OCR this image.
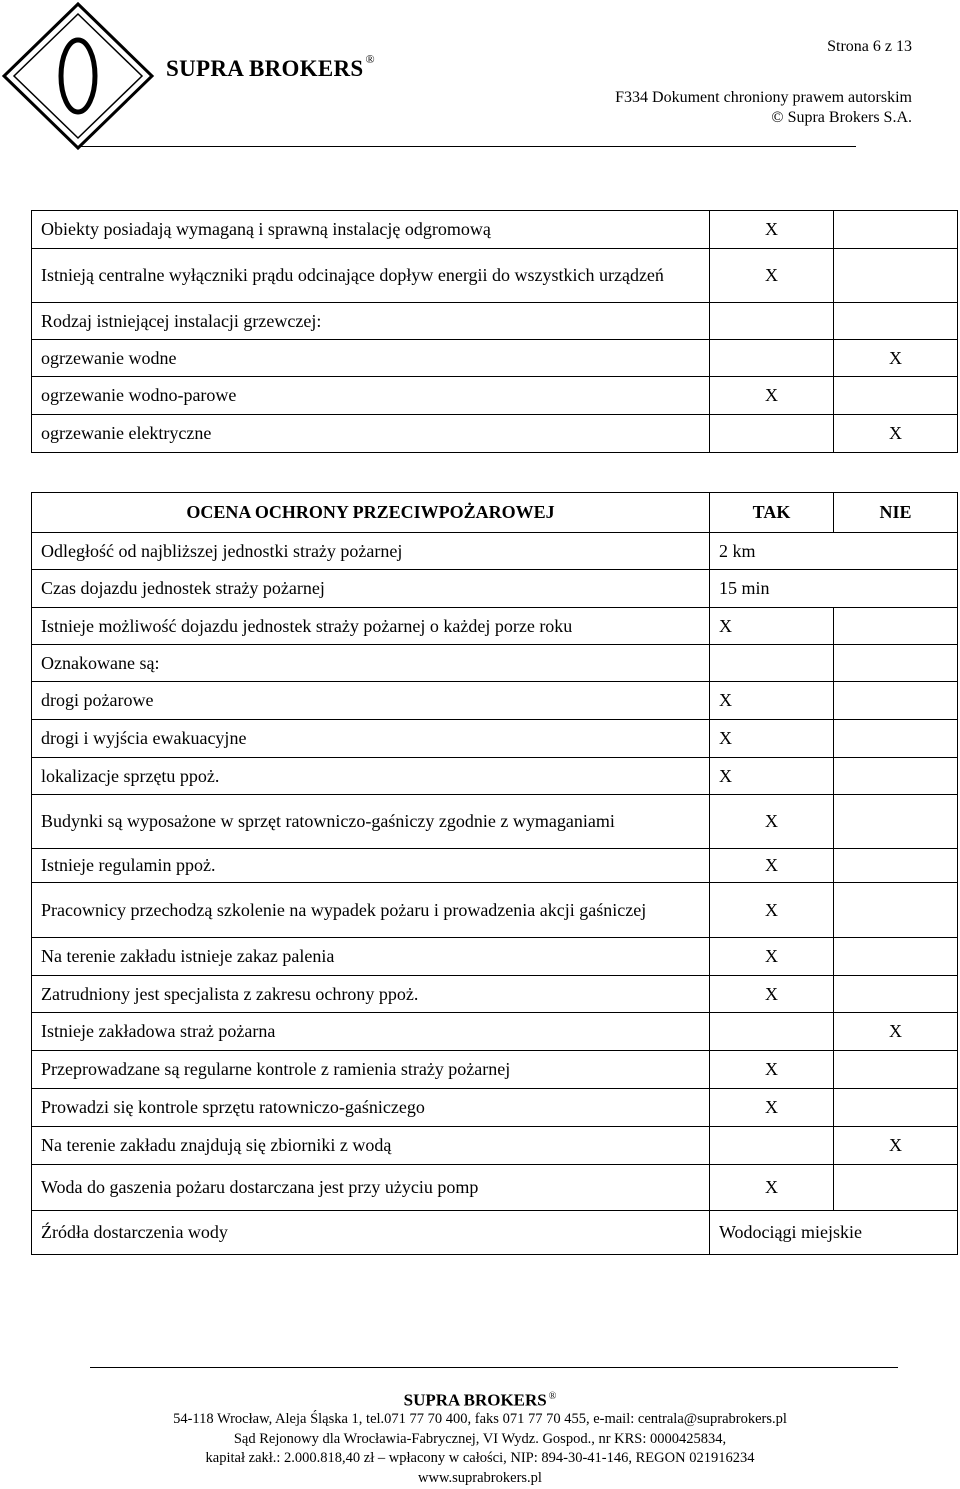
SUPRA BROKERS ®
Strona 6 z 13
F334 Dokument chroniony prawem autorskim
© Supra Brokers S.A.
Obiekty posiadają wymaganą i sprawną instalację odgromową	X	
Istnieją centralne wyłączniki prądu odcinające dopływ energii do wszystkich urządzeń	X	
Rodzaj istniejącej instalacji grzewczej:		
ogrzewanie wodne		X
ogrzewanie wodno-parowe	X	
ogrzewanie elektryczne		X
OCENA OCHRONY PRZECIWPOŻAROWEJ	TAK	NIE
Odległość od najbliższej jednostki straży pożarnej	2 km	
Czas dojazdu jednostek straży pożarnej	15 min	
Istnieje możliwość dojazdu jednostek straży pożarnej o każdej porze roku	X	
Oznakowane są:		
drogi pożarowe	X	
drogi i wyjścia ewakuacyjne	X	
lokalizacje sprzętu ppoż.	X	
Budynki są wyposażone w sprzęt ratowniczo-gaśniczy zgodnie z wymaganiami	X	
Istnieje regulamin ppoż.	X	
Pracownicy przechodzą szkolenie na wypadek pożaru i prowadzenia akcji gaśniczej	X	
Na terenie zakładu istnieje zakaz palenia	X	
Zatrudniony jest specjalista z zakresu ochrony ppoż.	X	
Istnieje zakładowa straż pożarna		X
Przeprowadzane są regularne kontrole z ramienia straży pożarnej	X	
Prowadzi się kontrole sprzętu ratowniczo-gaśniczego	X	
Na terenie zakładu znajdują się zbiorniki z wodą		X
Woda do gaszenia pożaru dostarczana jest przy użyciu pomp	X	
Źródła dostarczenia wody	Wodociągi miejskie	
SUPRA BROKERS ®
54-118 Wrocław, Aleja Śląska 1, tel.071 77 70 400, faks 071 77 70 455, e-mail: centrala@suprabrokers.pl
Sąd Rejonowy dla Wrocławia-Fabrycznej, VI Wydz. Gospod., nr KRS: 0000425834,
kapitał zakł.: 2.000.818,40 zł – wpłacony w całości, NIP: 894-30-41-146, REGON 021916234
www.suprabrokers.pl
